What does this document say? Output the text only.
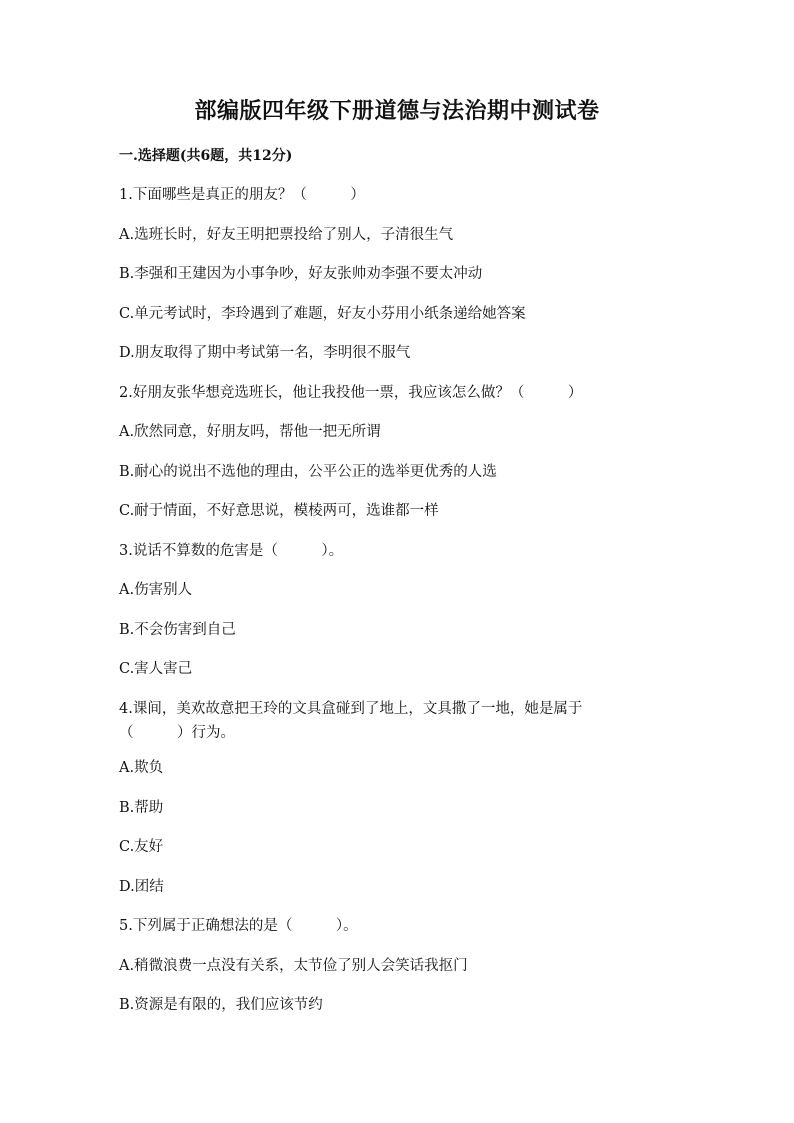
部编版四年级下册道德与法治期中测试卷
一.选择题(共6题，共12分)
1.下面哪些是真正的朋友？（　　　）
A.选班长时，好友王明把票投给了别人，子清很生气
B.李强和王建因为小事争吵，好友张帅劝李强不要太冲动
C.单元考试时，李玲遇到了难题，好友小芬用小纸条递给她答案
D.朋友取得了期中考试第一名，李明很不服气
2.好朋友张华想竞选班长，他让我投他一票，我应该怎么做？（　　　）
A.欣然同意，好朋友吗，帮他一把无所谓
B.耐心的说出不选他的理由，公平公正的选举更优秀的人选
C.耐于情面，不好意思说，模棱两可，选谁都一样
3.说话不算数的危害是（　　　）。
A.伤害别人
B.不会伤害到自己
C.害人害己
4.课间，美欢故意把王玲的文具盒碰到了地上，文具撒了一地，她是属于（　　　）行为。
A.欺负
B.帮助
C.友好
D.团结
5.下列属于正确想法的是（　　　）。
A.稍微浪费一点没有关系，太节俭了别人会笑话我抠门
B.资源是有限的，我们应该节约
